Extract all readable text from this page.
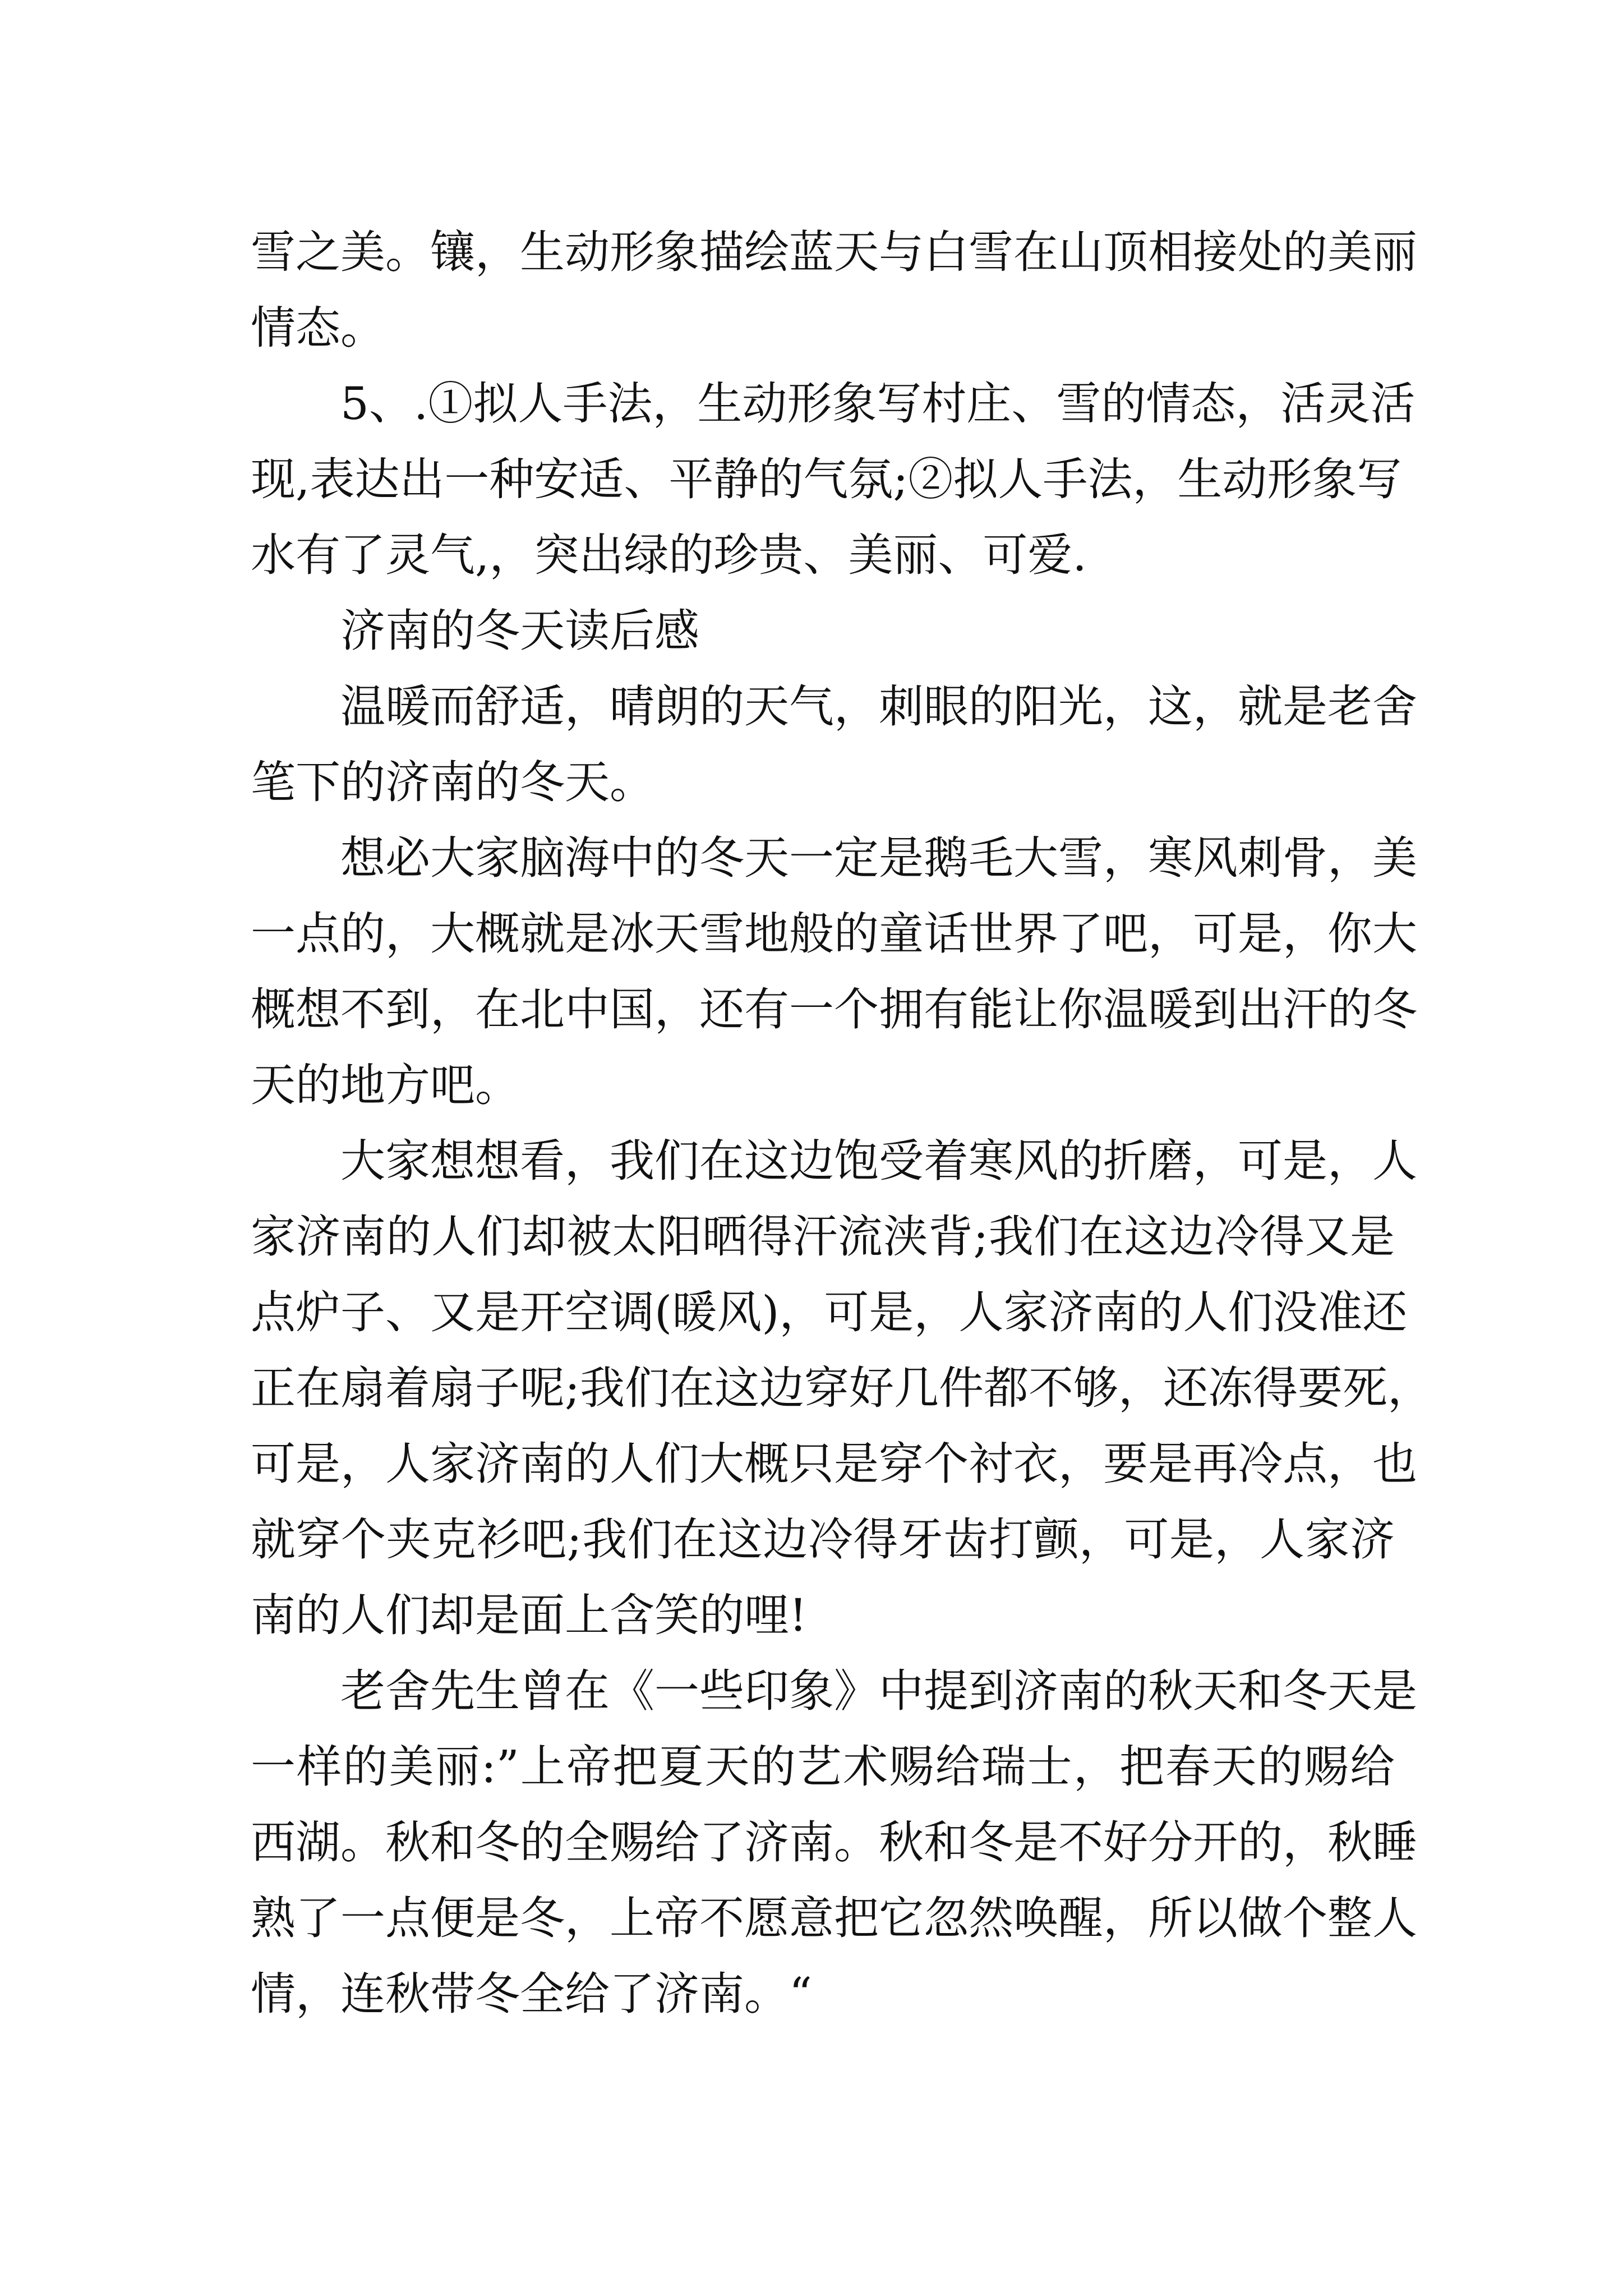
雪之美。镶，生动形象描绘蓝天与白雪在山顶相接处的美丽
情态。
5、.①拟人手法，生动形象写村庄、雪的情态，活灵活
现,表达出一种安适、平静的气氛;②拟人手法，生动形象写
水有了灵气,，突出绿的珍贵、美丽、可爱.
济南的冬天读后感
温暖而舒适，晴朗的天气，刺眼的阳光，这，就是老舍
笔下的济南的冬天。
想必大家脑海中的冬天一定是鹅毛大雪，寒风刺骨，美
一点的，大概就是冰天雪地般的童话世界了吧，可是，你大
概想不到，在北中国，还有一个拥有能让你温暖到出汗的冬
天的地方吧。
大家想想看，我们在这边饱受着寒风的折磨，可是，人
家济南的人们却被太阳晒得汗流浃背;我们在这边冷得又是
点炉子、又是开空调(暖风)，可是，人家济南的人们没准还
正在扇着扇子呢;我们在这边穿好几件都不够，还冻得要死，
可是，人家济南的人们大概只是穿个衬衣，要是再冷点，也
就穿个夹克衫吧;我们在这边冷得牙齿打颤，可是，人家济
南的人们却是面上含笑的哩!
老舍先生曾在《一些印象》中提到济南的秋天和冬天是
一样的美丽:”上帝把夏天的艺术赐给瑞士，把春天的赐给
西湖。秋和冬的全赐给了济南。秋和冬是不好分开的，秋睡
熟了一点便是冬，上帝不愿意把它忽然唤醒，所以做个整人
情，连秋带冬全给了济南。“
